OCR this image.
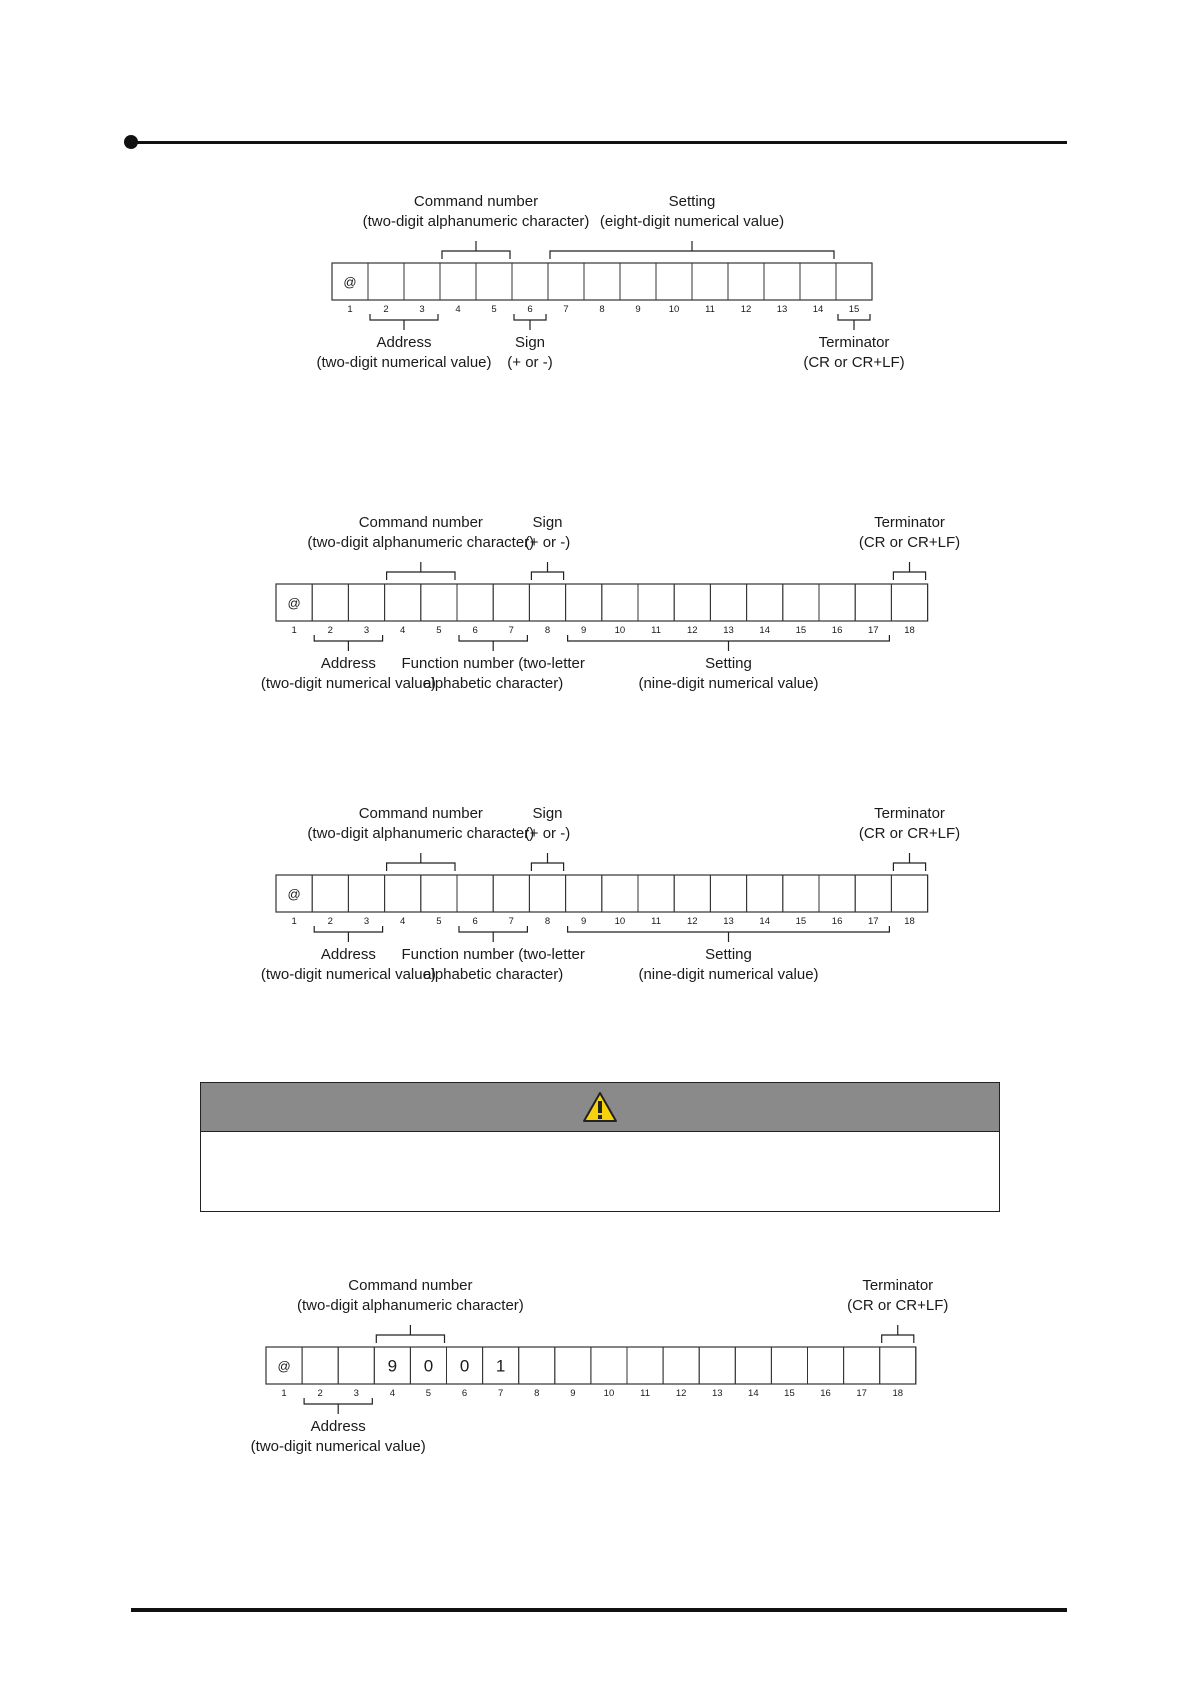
@
1	2	3	4	5	6	7	8	9	10	11	12	13	14	15
Command number
(two-digit alphanumeric character)
Setting
(eight-digit numerical value)
Address
(two-digit numerical value)
Sign
(+ or -)
Terminator
(CR or CR+LF)
@
1	2	3	4	5	6	7	8	9	10	11	12	13	14	15	16	17	18
Command number
(two-digit alphanumeric character)
Sign
(+ or -)
Terminator
(CR or CR+LF)
Address
(two-digit numerical value)
Function number (two-letter
alphabetic character)
Setting
(nine-digit numerical value)
@
1	2	3	4	5	6	7	8	9	10	11	12	13	14	15	16	17	18
Command number
(two-digit alphanumeric character)
Sign
(+ or -)
Terminator
(CR or CR+LF)
Address
(two-digit numerical value)
Function number (two-letter
alphabetic character)
Setting
(nine-digit numerical value)
@
1	2	3
9
4
0
5
0
6
1
7	8	9	10	11	12	13	14	15	16	17	18
Command number
(two-digit alphanumeric character)
Terminator
(CR or CR+LF)
Address
(two-digit numerical value)
